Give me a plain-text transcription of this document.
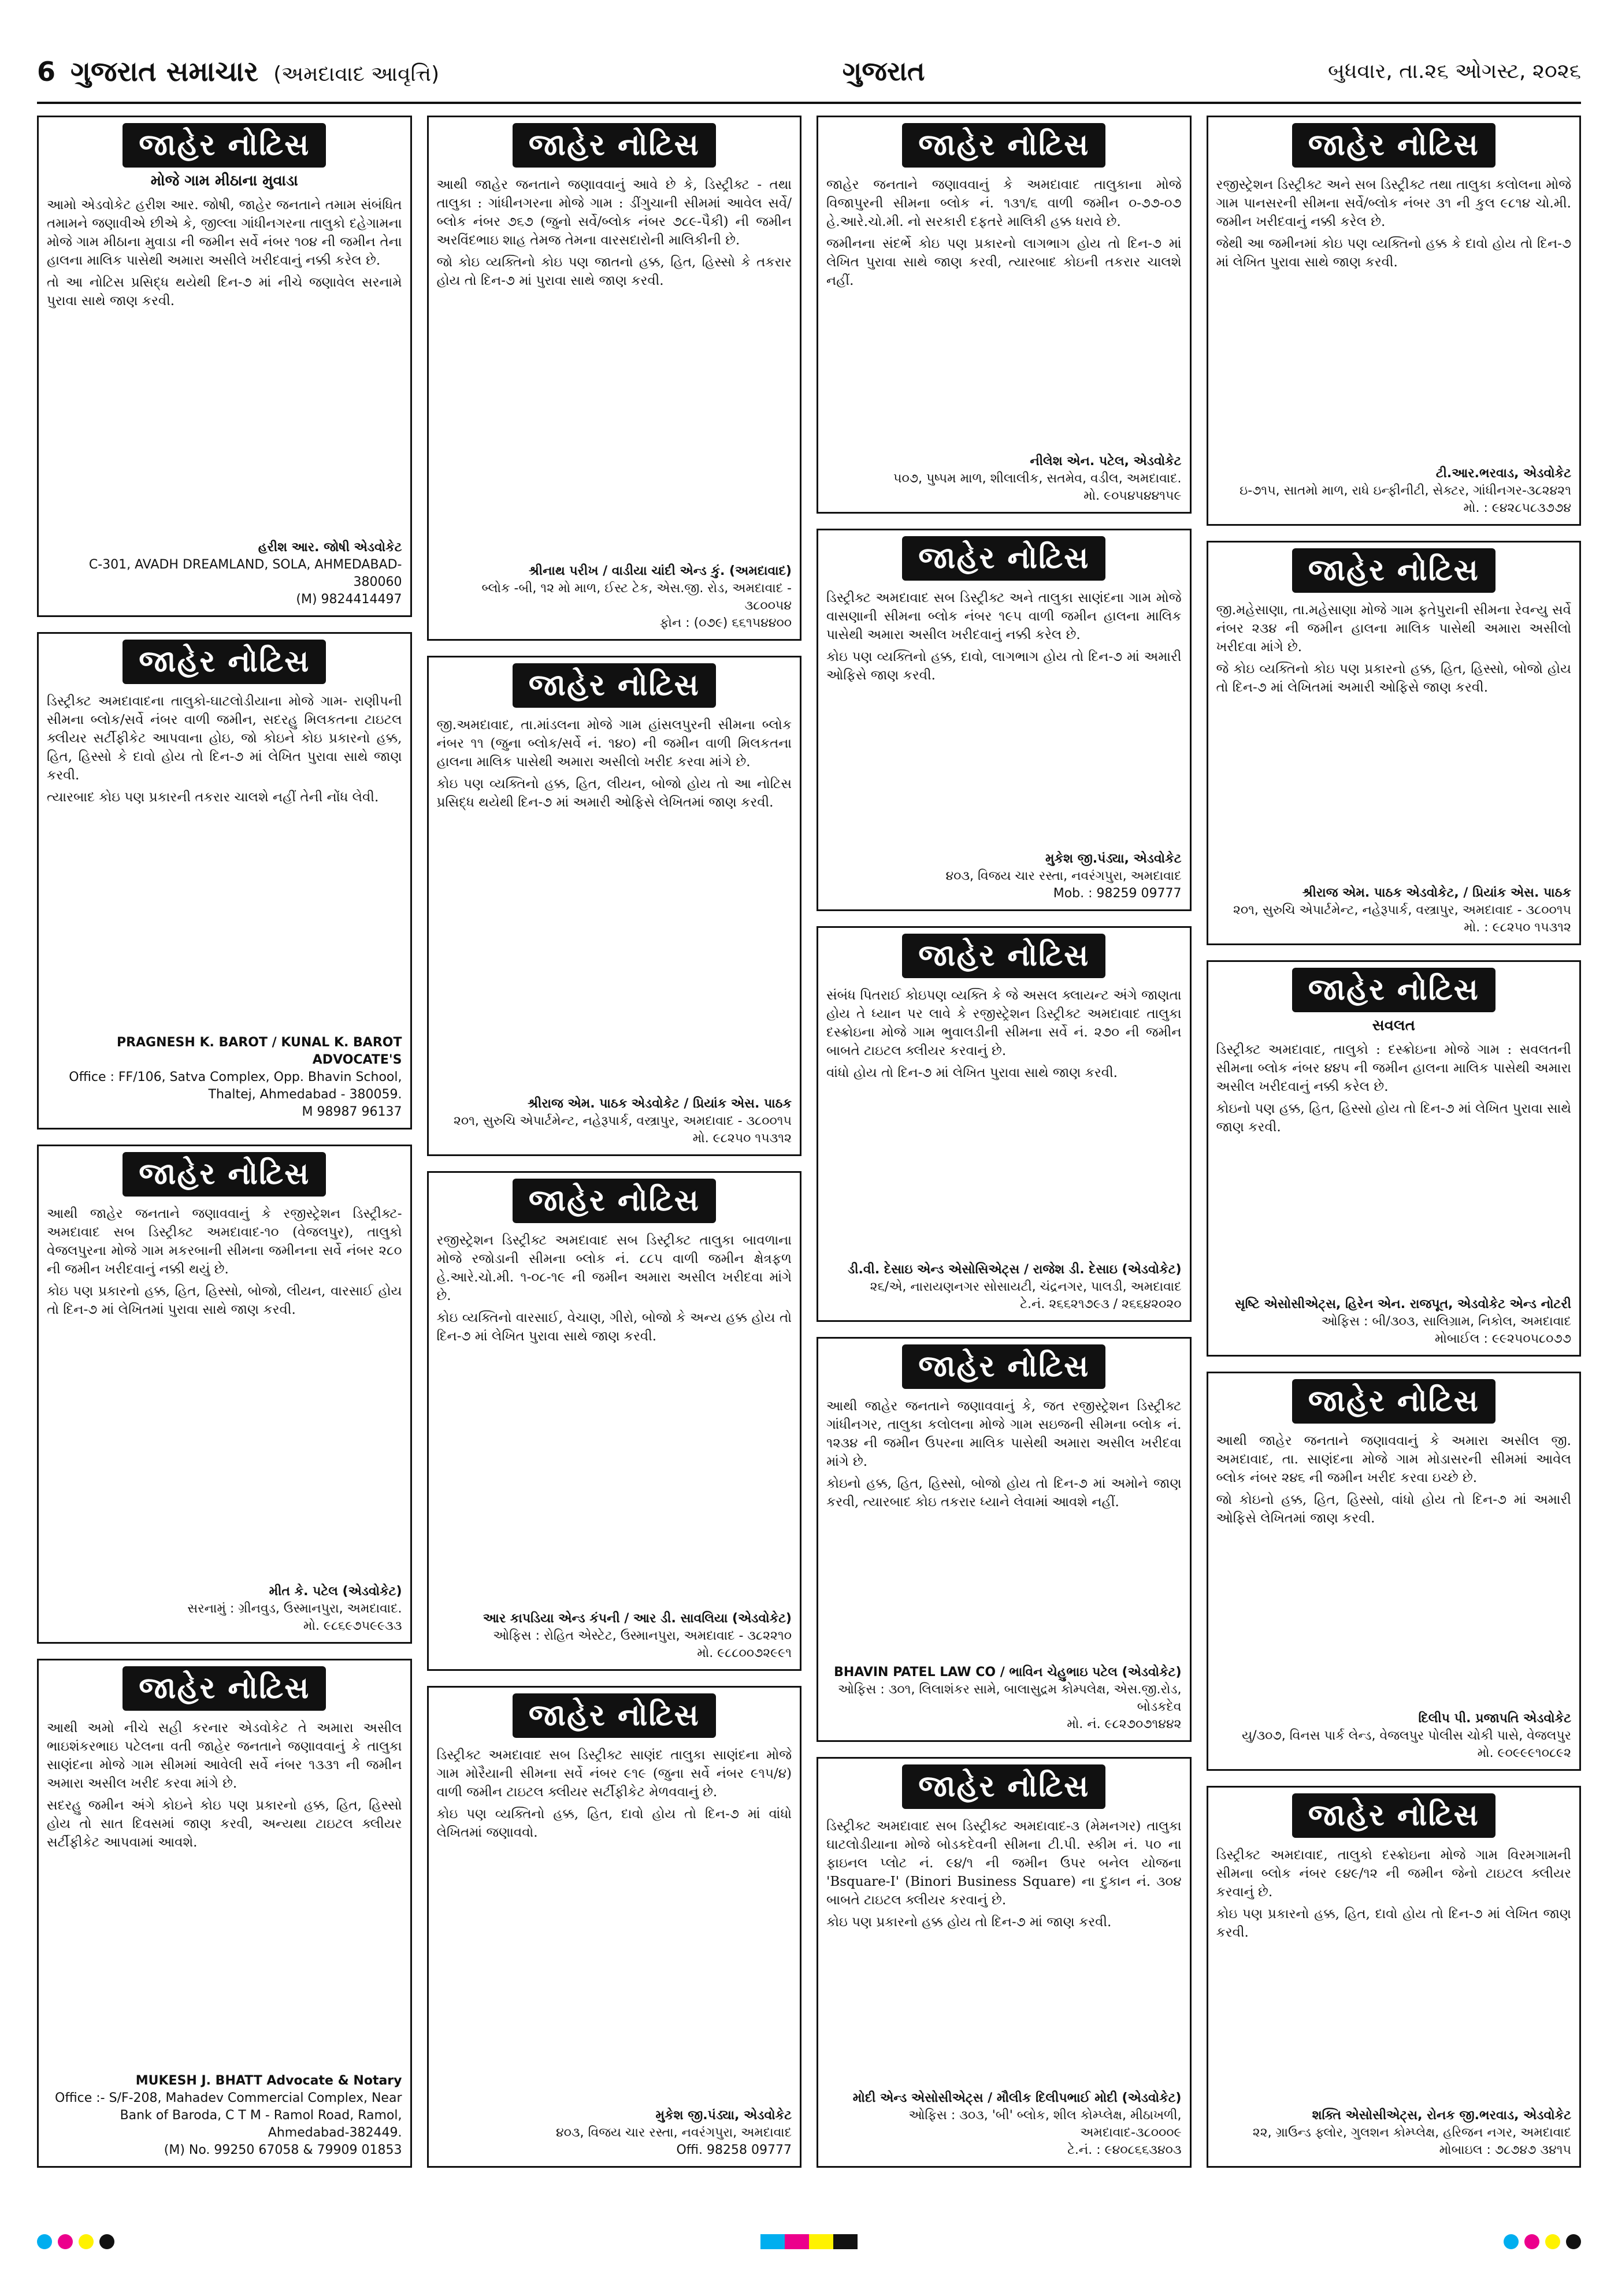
6 ગુજરાત સમાચાર (અમદાવાદ આવૃત્તિ)	ગુજરાત	બુધવાર, તા.૨૬ ઓગસ્ટ, ૨૦૨૬
જાહેર નોટિસ
મોજે ગામ મીઠાના મુવાડા

આમો એડવોકેટ હરીશ આર. જોષી, જાહેર જનતાને તમામ સંબંધિત તમામને જણાવીએ છીએ કે, જીલ્લા ગાંધીનગરના તાલુકો દહેગામના મોજે ગામ મીઠાના મુવાડા ની જમીન સર્વે નંબર ૧૦૪ ની જમીન તેના હાલના માલિક પાસેથી અમારા અસીલે ખરીદવાનું નક્કી કરેલ છે.

તો આ નોટિસ પ્રસિદ્ધ થયેથી દિન-૭ માં નીચે જણાવેલ સરનામે પુરાવા સાથે જાણ કરવી.

હરીશ આર. જોષી એડવોકેટ
C-301, AVADH DREAMLAND, SOLA, AHMEDABAD-380060
(M) 9824414497
જાહેર નોટિસ

ડિસ્ટ્રીક્ટ અમદાવાદના તાલુકો-ઘાટલોડીયાના મોજે ગામ- રાણીપની સીમના બ્લોક/સર્વે નંબર વાળી જમીન, સદરહુ મિલકતના ટાઇટલ ક્લીયર સર્ટીફીકેટ આપવાના હોઇ, જો કોઇને કોઇ પ્રકારનો હક્ક, હિત, હિસ્સો કે દાવો હોય તો દિન-૭ માં લેખિત પુરાવા સાથે જાણ કરવી.

ત્યારબાદ કોઇ પણ પ્રકારની તકરાર ચાલશે નહીં તેની નોંધ લેવી.

PRAGNESH K. BAROT / KUNAL K. BAROT ADVOCATE'S
Office : FF/106, Satva Complex, Opp. Bhavin School, Thaltej, Ahmedabad - 380059.
M 98987 96137
જાહેર નોટિસ

આથી જાહેર જનતાને જણાવવાનું કે રજીસ્ટ્રેશન ડિસ્ટ્રીક્ટ-અમદાવાદ સબ ડિસ્ટ્રીક્ટ અમદાવાદ-૧૦ (વેજલપુર), તાલુકો વેજલપુરના મોજે ગામ મકરબાની સીમના જમીનના સર્વે નંબર ૨૮૦ ની જમીન ખરીદવાનું નક્કી થયું છે.

કોઇ પણ પ્રકારનો હક્ક, હિત, હિસ્સો, બોજો, લીયન, વારસાઈ હોય તો દિન-૭ માં લેખિતમાં પુરાવા સાથે જાણ કરવી.

મીત કે. પટેલ (એડવોકેટ)
સરનામું : ગ્રીનવુડ, ઉસ્માનપુરા, અમદાવાદ.
મો. ૯૮૬૯૭૫૯૯૩૩
જાહેર નોટિસ

આથી અમો નીચે સહી કરનાર એડવોકેટ તે અમારા અસીલ ભાઇશંકરભાઇ પટેલના વતી જાહેર જનતાને જણાવવાનું કે તાલુકા સાણંદના મોજે ગામ સીમમાં આવેલી સર્વે નંબર ૧૩૩૧ ની જમીન અમારા અસીલ ખરીદ કરવા માંગે છે.

સદરહુ જમીન અંગે કોઇને કોઇ પણ પ્રકારનો હક્ક, હિત, હિસ્સો હોય તો સાત દિવસમાં જાણ કરવી, અન્યથા ટાઇટલ ક્લીયર સર્ટીફીકેટ આપવામાં આવશે.

MUKESH J. BHATT Advocate & Notary
Office :- S/F-208, Mahadev Commercial Complex, Near Bank of Baroda, C T M - Ramol Road, Ramol, Ahmedabad-382449.
(M) No. 99250 67058 & 79909 01853
જાહેર નોટિસ

આથી જાહેર જનતાને જણાવવાનું આવે છે કે, ડિસ્ટ્રીક્ટ - તથા તાલુકા : ગાંધીનગરના મોજે ગામ : ડીંગુચાની સીમમાં આવેલ સર્વે/બ્લોક નંબર ૭૬૭ (જુનો સર્વે/બ્લોક નંબર ૭૮૯-પૈકી) ની જમીન અરવિંદભાઇ શાહ તેમજ તેમના વારસદારોની માલિકીની છે.

જો કોઇ વ્યક્તિનો કોઇ પણ જાતનો હક્ક, હિત, હિસ્સો કે તકરાર હોય તો દિન-૭ માં પુરાવા સાથે જાણ કરવી.

શ્રીનાથ પરીખ / વાડીયા ચાંદી એન્ડ કું. (અમદાવાદ)
બ્લોક -બી, ૧૨ મો માળ, ઈસ્ટ ટેક, એસ.જી. રોડ, અમદાવાદ - ૩૮૦૦૫૪
ફોન : (૦૭૯) ૬૬૧૫૪૪૦૦
જાહેર નોટિસ

જી.અમદાવાદ, તા.માંડલના મોજે ગામ હાંસલપુરની સીમના બ્લોક નંબર ૧૧ (જુના બ્લોક/સર્વે નં. ૧૪૦) ની જમીન વાળી મિલકતના હાલના માલિક પાસેથી અમારા અસીલો ખરીદ કરવા માંગે છે.

કોઇ પણ વ્યક્તિનો હક્ક, હિત, લીયન, બોજો હોય તો આ નોટિસ પ્રસિદ્ધ થયેથી દિન-૭ માં અમારી ઓફિસે લેખિતમાં જાણ કરવી.

શ્રીરાજ એમ. પાઠક એડવોકેટ / પ્રિયાંક એસ. પાઠક
૨૦૧, સુરુચિ એપાર્ટમેન્ટ, નહેરૂપાર્ક, વસ્ત્રાપુર, અમદાવાદ - ૩૮૦૦૧૫
મો. ૯૮૨૫૦ ૧૫૩૧૨
જાહેર નોટિસ

રજીસ્ટ્રેશન ડિસ્ટ્રીક્ટ અમદાવાદ સબ ડિસ્ટ્રીક્ટ તાલુકા બાવળાના મોજે રજોડાની સીમના બ્લોક નં. ૮૮૫ વાળી જમીન ક્ષેત્રફળ હે.આરે.ચો.મી. ૧-૦૮-૧૯ ની જમીન અમારા અસીલ ખરીદવા માંગે છે.

કોઇ વ્યક્તિનો વારસાઈ, વેચાણ, ગીરો, બોજો કે અન્ય હક્ક હોય તો દિન-૭ માં લેખિત પુરાવા સાથે જાણ કરવી.

આર કાપડિયા એન્ડ કંપની / આર ડી. સાવલિયા (એડવોકેટ)
ઓફિસ : રોહિત એસ્ટેટ, ઉસ્માનપુરા, અમદાવાદ - ૩૮૨૨૧૦
મો. ૯૮૮૦૦૭૨૯૯૧
જાહેર નોટિસ

ડિસ્ટ્રીક્ટ અમદાવાદ સબ ડિસ્ટ્રીક્ટ સાણંદ તાલુકા સાણંદના મોજે ગામ મોરૈયાની સીમના સર્વે નંબર ૯૧૯ (જુના સર્વે નંબર ૯૧૫/૪) વાળી જમીન ટાઇટલ ક્લીયર સર્ટીફીકેટ મેળવવાનું છે.

કોઇ પણ વ્યક્તિનો હક્ક, હિત, દાવો હોય તો દિન-૭ માં વાંધો લેખિતમાં જણાવવો.

મુકેશ જી.પંડ્યા, એડવોકેટ
૪૦૩, વિજય ચાર રસ્તા, નવરંગપુરા, અમદાવાદ
Offi. 98258 09777
જાહેર નોટિસ

જાહેર જનતાને જણાવવાનું કે અમદાવાદ તાલુકાના મોજે વિજાપુરની સીમના બ્લોક નં. ૧૩૧/૬ વાળી જમીન ૦-૭૭-૦૭ હે.આરે.ચો.મી. નો સરકારી દફતરે માલિકી હક્ક ધરાવે છે.

જમીનના સંદર્ભે કોઇ પણ પ્રકારનો લાગભાગ હોય તો દિન-૭ માં લેખિત પુરાવા સાથે જાણ કરવી, ત્યારબાદ કોઇની તકરાર ચાલશે નહીં.

નીલેશ એન. પટેલ, એડવોકેટ
૫૦૭, પુષ્પમ માળ, શીલાલીક, સતમેવ, વડીલ, અમદાવાદ.
મો. ૯૦૫૪૫૪૪૧૫૯
જાહેર નોટિસ

ડિસ્ટ્રીક્ટ અમદાવાદ સબ ડિસ્ટ્રીક્ટ અને તાલુકા સાણંદના ગામ મોજે વાસણાની સીમના બ્લોક નંબર ૧૯૫ વાળી જમીન હાલના માલિક પાસેથી અમારા અસીલ ખરીદવાનું નક્કી કરેલ છે.

કોઇ પણ વ્યક્તિનો હક્ક, દાવો, લાગભાગ હોય તો દિન-૭ માં અમારી ઓફિસે જાણ કરવી.

મુકેશ જી.પંડ્યા, એડવોકેટ
૪૦૩, વિજય ચાર રસ્તા, નવરંગપુરા, અમદાવાદ
Mob. : 98259 09777
જાહેર નોટિસ

સંબંધ પિતરાઈ કોઇપણ વ્યક્તિ કે જે અસલ ક્લાયન્ટ અંગે જાણતા હોય તે ધ્યાન પર લાવે કે રજીસ્ટ્રેશન ડિસ્ટ્રીક્ટ અમદાવાદ તાલુકા દસ્ક્રોઇના મોજે ગામ ભુવાલડીની સીમના સર્વે નં. ૨૭૦ ની જમીન બાબતે ટાઇટલ ક્લીયર કરવાનું છે.

વાંધો હોય તો દિન-૭ માં લેખિત પુરાવા સાથે જાણ કરવી.

ડી.વી. દેસાઇ એન્ડ એસોસિએટ્સ / રાજેશ ડી. દેસાઇ (એડવોકેટ)
૨૬/એ, નારાયણનગર સોસાયટી, ચંદ્રનગર, પાલડી, અમદાવાદ
ટે.નં. ૨૬૬૨૧૭૯૩ / ૨૬૬૪૨૦૨૦
જાહેર નોટિસ

આથી જાહેર જનતાને જણાવવાનું કે, જત રજીસ્ટ્રેશન ડિસ્ટ્રીક્ટ ગાંધીનગર, તાલુકા કલોલના મોજે ગામ સઇજની સીમના બ્લોક નં. ૧૨૩૪ ની જમીન ઉપરના માલિક પાસેથી અમારા અસીલ ખરીદવા માંગે છે.

કોઇનો હક્ક, હિત, હિસ્સો, બોજો હોય તો દિન-૭ માં અમોને જાણ કરવી, ત્યારબાદ કોઇ તકરાર ધ્યાને લેવામાં આવશે નહીં.

BHAVIN PATEL LAW CO / ભાવિન ચેહુભાઇ પટેલ (એડવોકેટ)
ઓફિસ : ૩૦૧, લિલાશંકર સામે, બાલાસુદ્રમ કોમ્પલેક્ષ, એસ.જી.રોડ, બોડકદેવ
મો. નં. ૯૮૨૭૦૭૧૪૪૨
જાહેર નોટિસ

ડિસ્ટ્રીક્ટ અમદાવાદ સબ ડિસ્ટ્રીક્ટ અમદાવાદ-૩ (મેમનગર) તાલુકા ઘાટલોડીયાના મોજે બોડકદેવની સીમના ટી.પી. સ્કીમ નં. ૫૦ ના ફાઇનલ પ્લોટ નં. ૯૪/૧ ની જમીન ઉપર બનેલ યોજના 'Bsquare-I' (Binori Business Square) ના દુકાન નં. ૩૦૪ બાબતે ટાઇટલ ક્લીયર કરવાનું છે.

કોઇ પણ પ્રકારનો હક્ક હોય તો દિન-૭ માં જાણ કરવી.

મોદી એન્ડ એસોસીએટ્સ / મૌલીક દિલીપભાઈ મોદી (એડવોકેટ)
ઓફિસ : ૩૦૩, 'બી' બ્લોક, શીલ કોમ્પ્લેક્ષ, મીઠાખળી, અમદાવાદ-૩૮૦૦૦૯
ટે.નં. : ૯૪૦૮૬૬૩૪૦૩
જાહેર નોટિસ

રજીસ્ટ્રેશન ડિસ્ટ્રીક્ટ અને સબ ડિસ્ટ્રીક્ટ તથા તાલુકા કલોલના મોજે ગામ પાનસરની સીમના સર્વે/બ્લોક નંબર ૩૧ ની કુલ ૯૮૧૪ ચો.મી. જમીન ખરીદવાનું નક્કી કરેલ છે.

જેથી આ જમીનમાં કોઇ પણ વ્યક્તિનો હક્ક કે દાવો હોય તો દિન-૭ માં લેખિત પુરાવા સાથે જાણ કરવી.

ટી.આર.ભરવાડ, એડવોકેટ
ઇ-૭૧૫, સાતમો માળ, રાધે ઇન્ફીનીટી, સેક્ટર, ગાંધીનગર-૩૮૨૪૨૧
મો. : ૯૪૨૮૫૮૩૭૭૪
જાહેર નોટિસ

જી.મહેસાણા, તા.મહેસાણા મોજે ગામ ફતેપુરાની સીમના રેવન્યુ સર્વે નંબર ૨૩૪ ની જમીન હાલના માલિક પાસેથી અમારા અસીલો ખરીદવા માંગે છે.

જે કોઇ વ્યક્તિનો કોઇ પણ પ્રકારનો હક્ક, હિત, હિસ્સો, બોજો હોય તો દિન-૭ માં લેખિતમાં અમારી ઓફિસે જાણ કરવી.

શ્રીરાજ એમ. પાઠક એડવોકેટ, / પ્રિયાંક એસ. પાઠક
૨૦૧, સુરુચિ એપાર્ટમેન્ટ, નહેરૂપાર્ક, વસ્ત્રાપુર, અમદાવાદ - ૩૮૦૦૧૫
મો. : ૯૮૨૫૦ ૧૫૩૧૨
જાહેર નોટિસ
સવલત

ડિસ્ટ્રીક્ટ અમદાવાદ, તાલુકો : દસ્ક્રોઇના મોજે ગામ : સવલતની સીમના બ્લોક નંબર ૪૪૫ ની જમીન હાલના માલિક પાસેથી અમારા અસીલ ખરીદવાનું નક્કી કરેલ છે.

કોઇનો પણ હક્ક, હિત, હિસ્સો હોય તો દિન-૭ માં લેખિત પુરાવા સાથે જાણ કરવી.

સૃષ્ટિ એસોસીએટ્સ, હિરેન એન. રાજપૂત, એડવોકેટ એન્ડ નોટરી
ઓફિસ : બી/૩૦૩, સાલિગ્રામ, નિકોલ, અમદાવાદ
મોબાઈલ : ૯૯૨૫૦૫૮૦૭૭
જાહેર નોટિસ

આથી જાહેર જનતાને જણાવવાનું કે અમારા અસીલ જી. અમદાવાદ, તા. સાણંદના મોજે ગામ મોડાસરની સીમમાં આવેલ બ્લોક નંબર ૨૪૬ ની જમીન ખરીદ કરવા ઇચ્છે છે.

જો કોઇનો હક્ક, હિત, હિસ્સો, વાંધો હોય તો દિન-૭ માં અમારી ઓફિસે લેખિતમાં જાણ કરવી.

દિલીપ પી. પ્રજાપતિ એડવોકેટ
યુ/૩૦૭, વિનસ પાર્ક લેન્ડ, વેજલપુર પોલીસ ચોકી પાસે, વેજલપુર
મો. ૯૦૯૯૯૧૦૮૯૨
જાહેર નોટિસ

ડિસ્ટ્રીક્ટ અમદાવાદ, તાલુકો દસ્ક્રોઇના મોજે ગામ વિરમગામની સીમના બ્લોક નંબર ૯૪૯/૧૨ ની જમીન જેનો ટાઇટલ ક્લીયર કરવાનું છે.

કોઇ પણ પ્રકારનો હક્ક, હિત, દાવો હોય તો દિન-૭ માં લેખિત જાણ કરવી.

શક્તિ એસોસીએટ્સ, રોનક જી.ભરવાડ, એડવોકેટ
૨૨, ગ્રાઉન્ડ ફ્લોર, ગુલશન કોમ્પ્લેક્ષ, હરિજન નગર, અમદાવાદ
મોબાઇલ : ૭૮૭૪૭ ૩૪૧૫
